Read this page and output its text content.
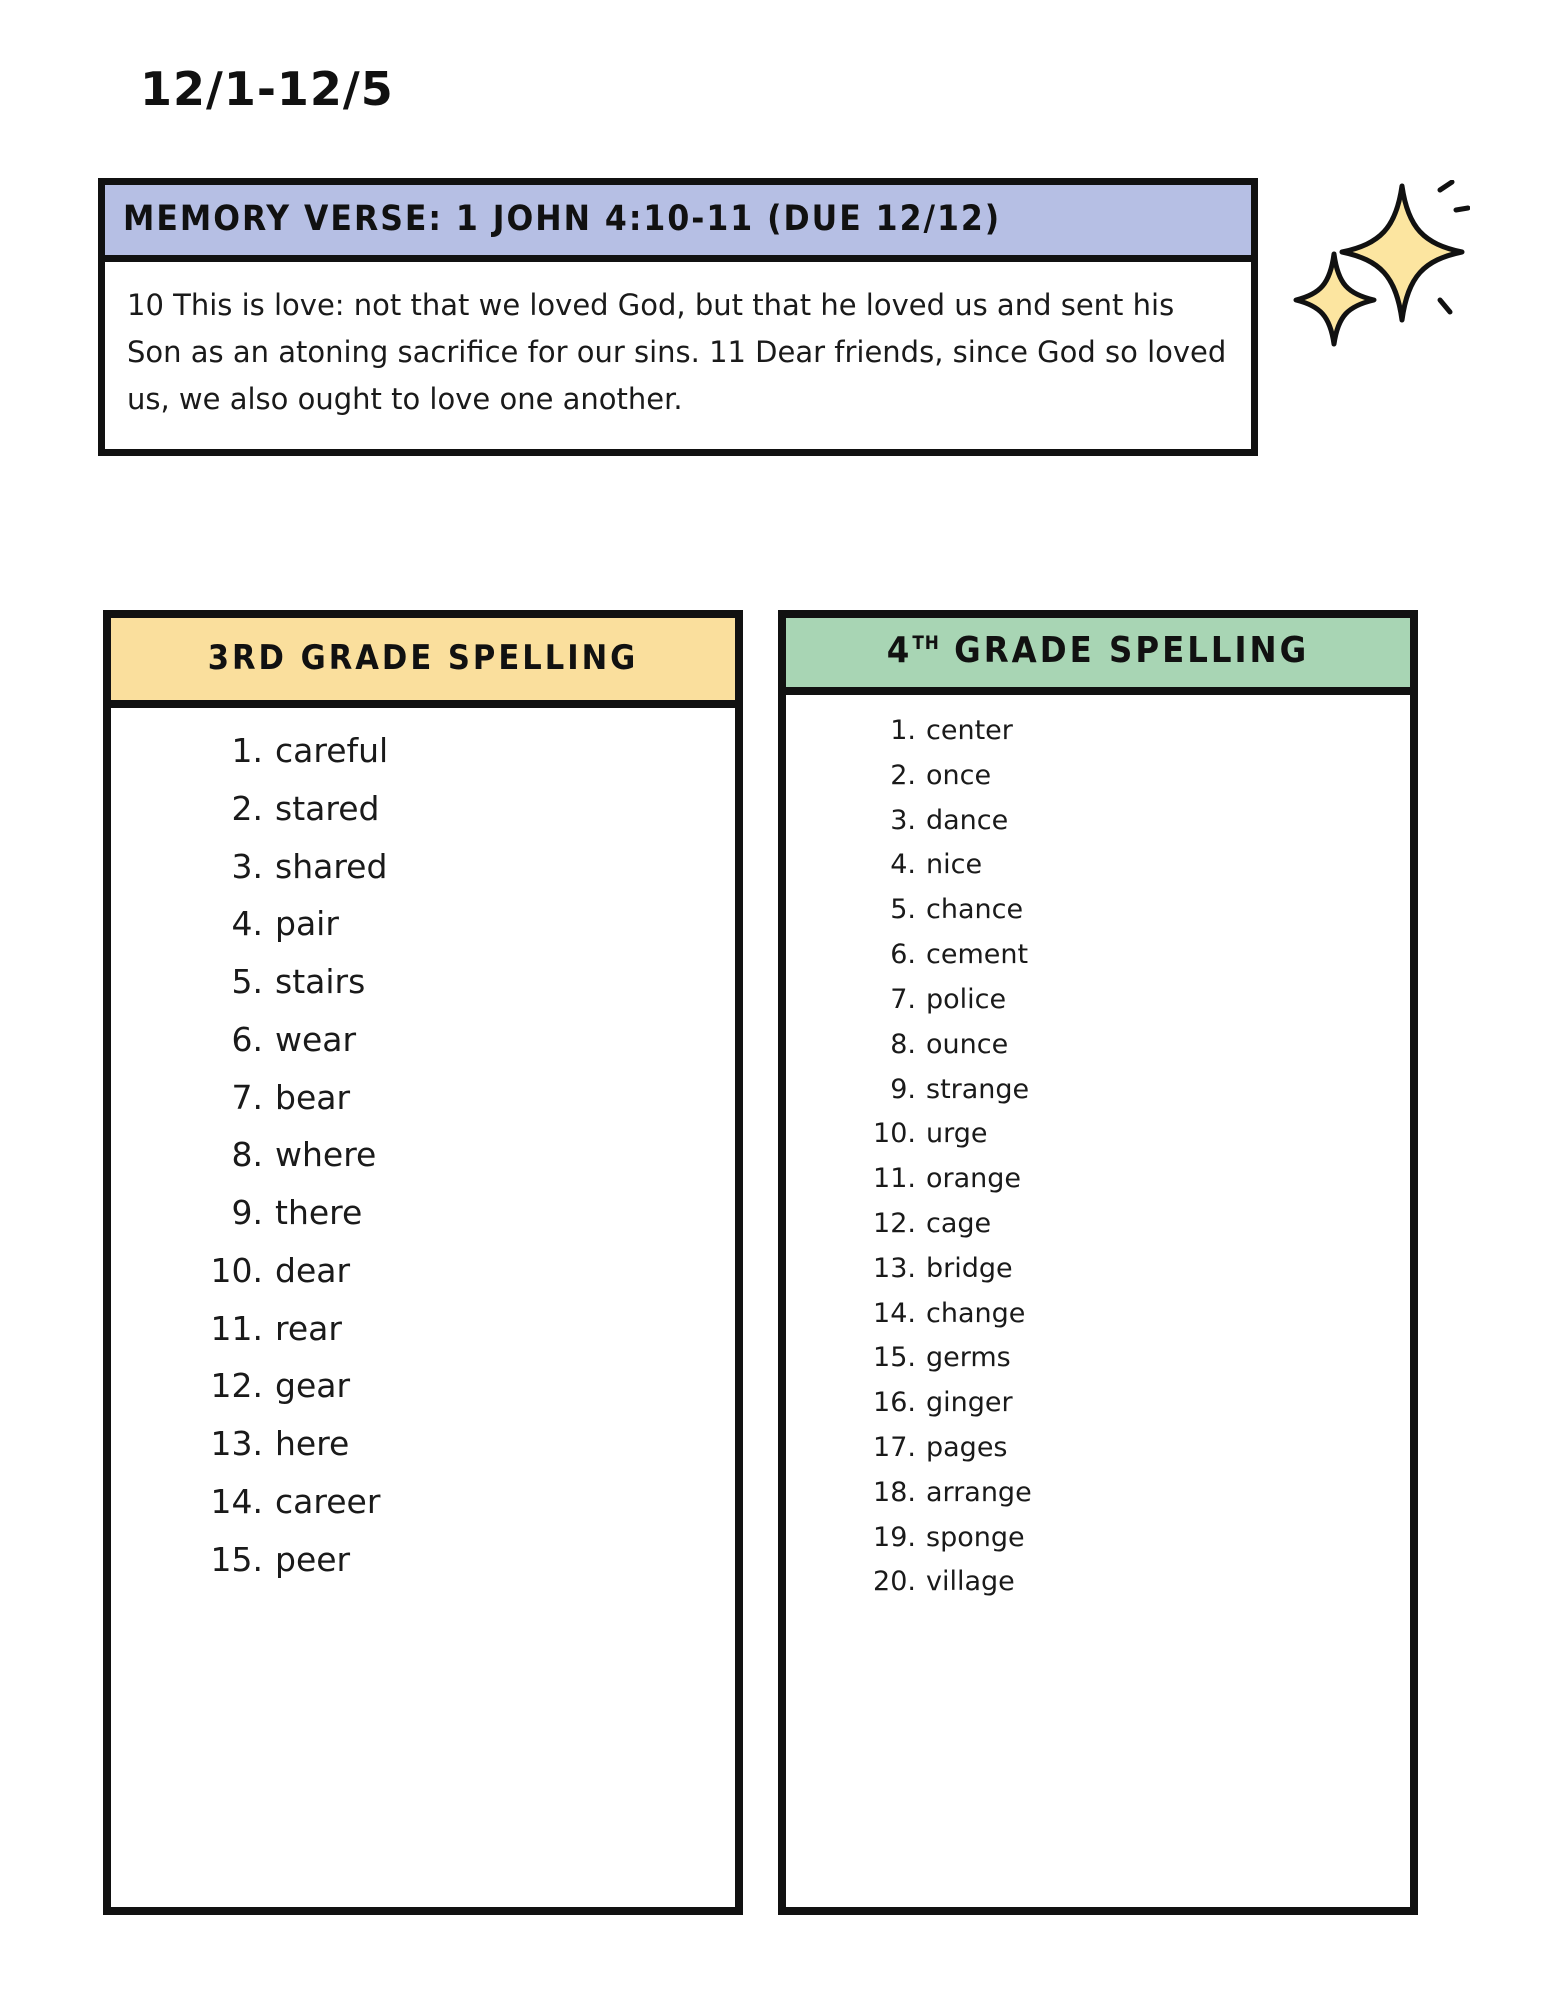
12/1-12/5
MEMORY VERSE: 1 JOHN 4:10-11 (DUE 12/12)
10 This is love: not that we loved God, but that he loved us and sent his Son as an atoning sacrifice for our sins. 11 Dear friends, since God so loved us, we also ought to love one another.
3RD GRADE SPELLING
1. careful
2. stared
3. shared
4. pair
5. stairs
6. wear
7. bear
8. where
9. there
10. dear
11. rear
12. gear
13. here
14. career
15. peer
4TH GRADE SPELLING
1. center
2. once
3. dance
4. nice
5. chance
6. cement
7. police
8. ounce
9. strange
10. urge
11. orange
12. cage
13. bridge
14. change
15. germs
16. ginger
17. pages
18. arrange
19. sponge
20. village
